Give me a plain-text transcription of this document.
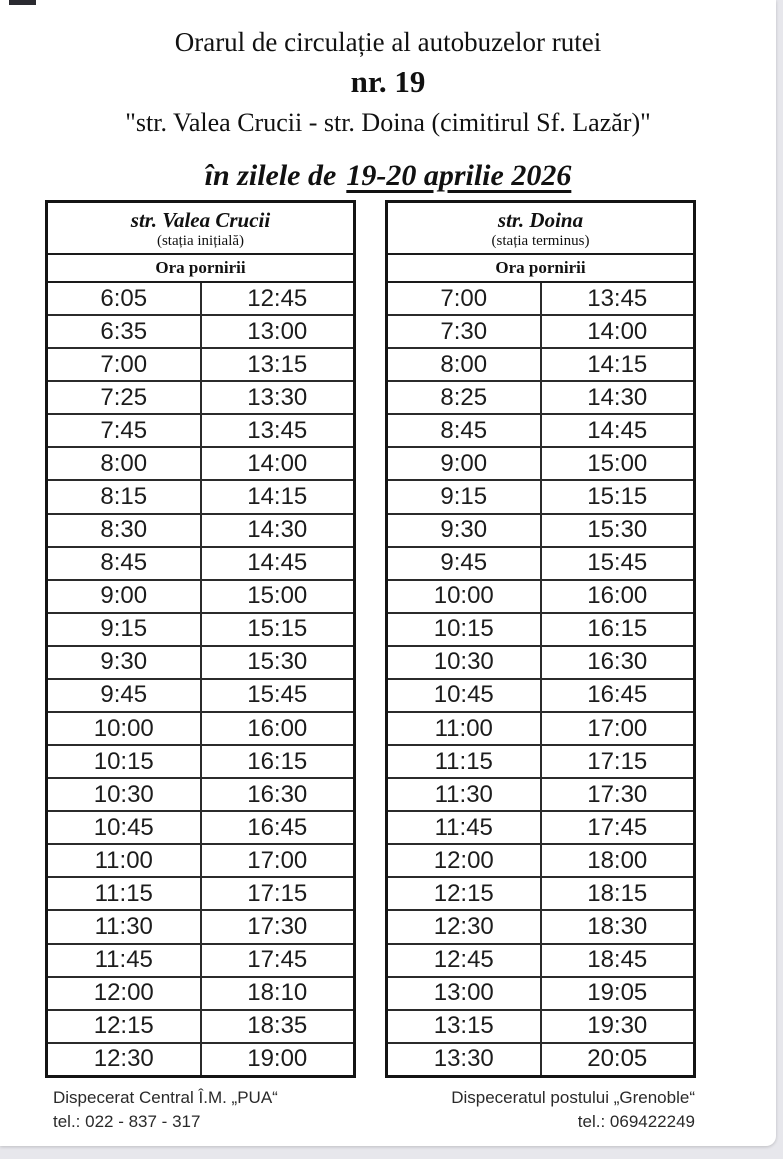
Orarul de circulație al autobuzelor rutei
nr. 19
"str. Valea Crucii - str. Doina (cimitirul Sf. Lazăr)"
în zilele de 19-20 aprilie 2026
str. Valea Crucii
(stația inițială)
Ora pornirii
6:05	12:45
6:35	13:00
7:00	13:15
7:25	13:30
7:45	13:45
8:00	14:00
8:15	14:15
8:30	14:30
8:45	14:45
9:00	15:00
9:15	15:15
9:30	15:30
9:45	15:45
10:00	16:00
10:15	16:15
10:30	16:30
10:45	16:45
11:00	17:00
11:15	17:15
11:30	17:30
11:45	17:45
12:00	18:10
12:15	18:35
12:30	19:00
str. Doina
(stația terminus)
Ora pornirii
7:00	13:45
7:30	14:00
8:00	14:15
8:25	14:30
8:45	14:45
9:00	15:00
9:15	15:15
9:30	15:30
9:45	15:45
10:00	16:00
10:15	16:15
10:30	16:30
10:45	16:45
11:00	17:00
11:15	17:15
11:30	17:30
11:45	17:45
12:00	18:00
12:15	18:15
12:30	18:30
12:45	18:45
13:00	19:05
13:15	19:30
13:30	20:05
Dispecerat Central Î.M. „PUA“
tel.: 022 - 837 - 317
Dispeceratul postului „Grenoble“
tel.: 069422249
